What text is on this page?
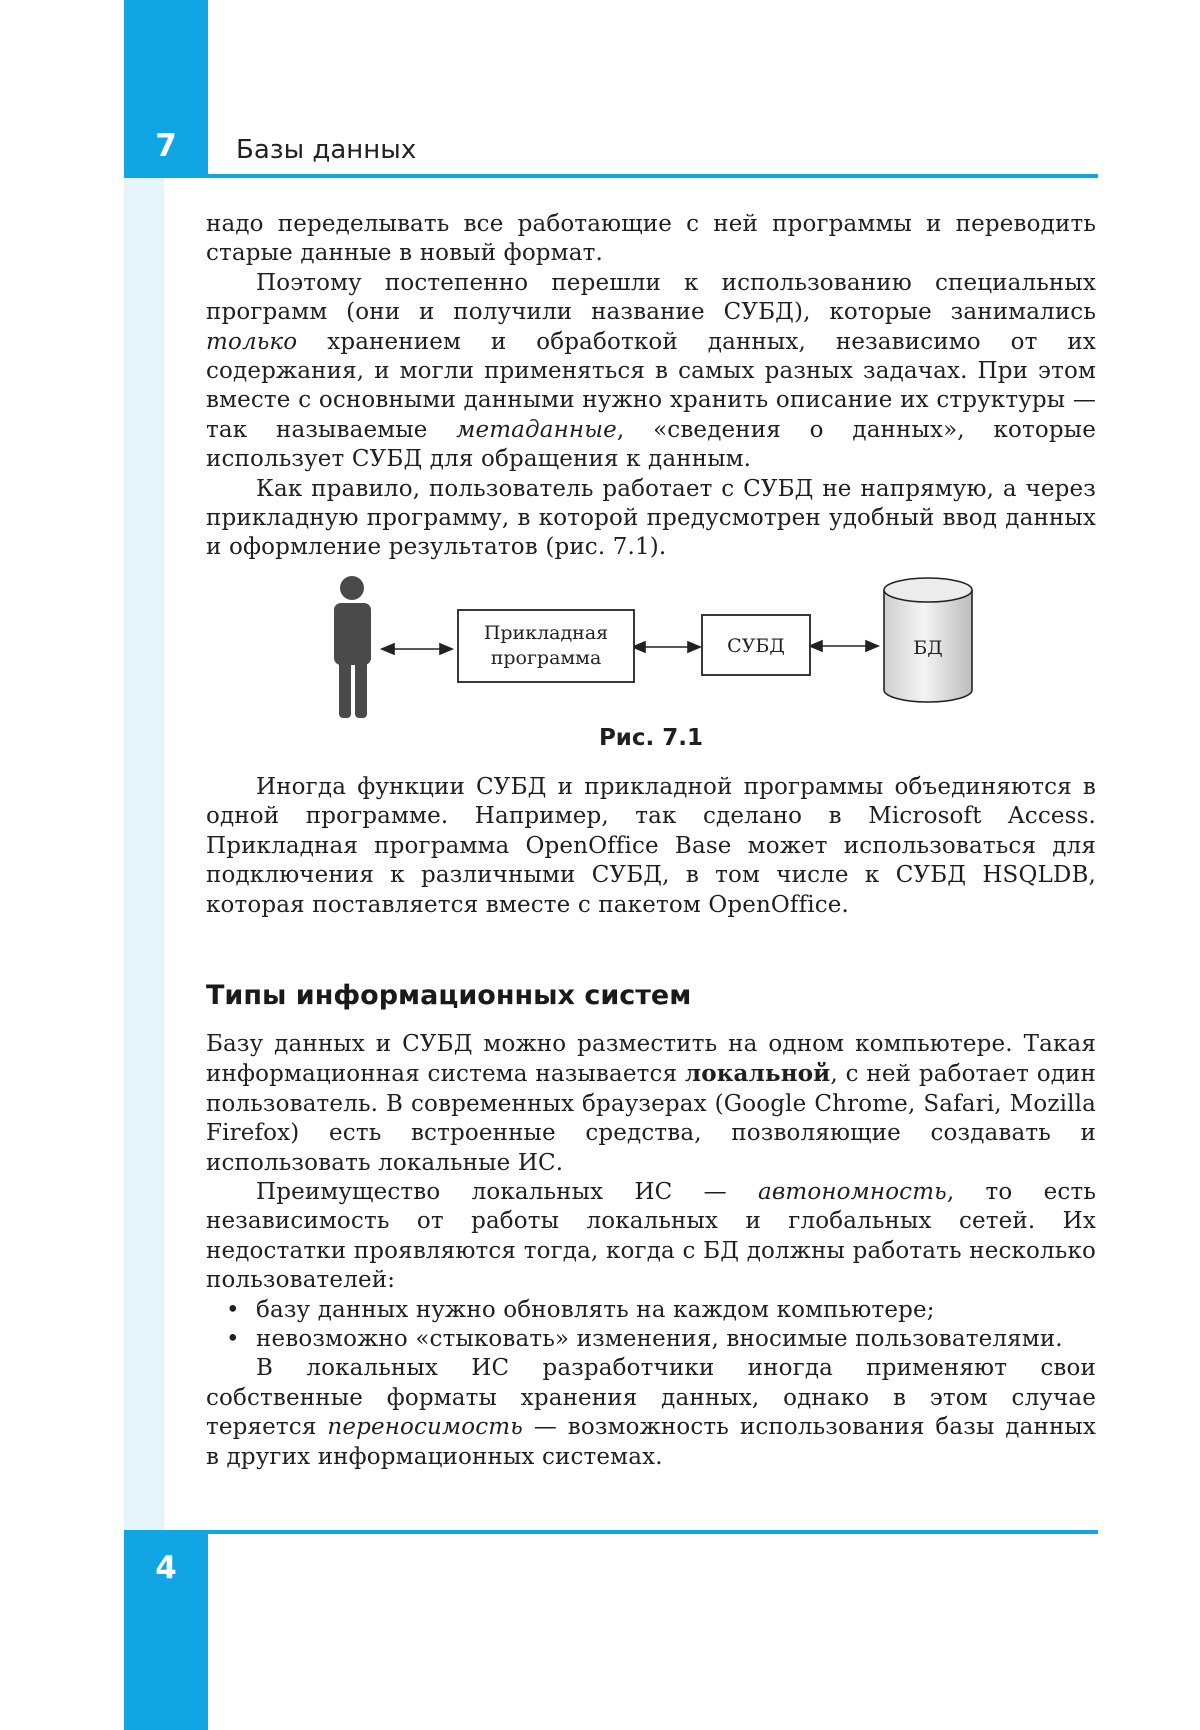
7	Базы данных
4

надо переделывать все работающие с ней программы и переводить старые данные в новый формат.

Поэтому постепенно перешли к использованию специальных программ (они и получили название СУБД), которые занимались только хранением и обработкой данных, независимо от их содержания, и могли применяться в самых разных задачах. При этом вместе с основными данными нужно хранить описание их структуры — так называемые метаданные, «сведения о данных», которые использует СУБД для обращения к данным.

Как правило, пользователь работает с СУБД не напрямую, а через прикладную программу, в которой предусмотрен удобный ввод данных и оформление результатов (рис. 7.1).

Прикладная
программа
СУБД	БД
Рис. 7.1

Иногда функции СУБД и прикладной программы объединяются в одной программе. Например, так сделано в Microsoft Access. Прикладная программа OpenOffice Base может использоваться для подключения к различными СУБД, в том числе к СУБД HSQLDB, которая поставляется вместе с пакетом OpenOffice.

Типы информационных систем

Базу данных и СУБД можно разместить на одном компьютере. Такая информационная система называется локальной, с ней работает один пользователь. В современных браузерах (Google Chrome, Safari, Mozilla Firefox) есть встроенные средства, позволяющие создавать и использовать локальные ИС.

Преимущество локальных ИС — автономность, то есть независимость от работы локальных и глобальных сетей. Их недостатки проявляются тогда, когда с БД должны работать несколько пользователей:

• базу данных нужно обновлять на каждом компьютере;
• невозможно «стыковать» изменения, вносимые пользователями.

В локальных ИС разработчики иногда применяют свои собственные форматы хранения данных, однако в этом случае теряется переносимость — возможность использования базы данных в других информационных системах.
